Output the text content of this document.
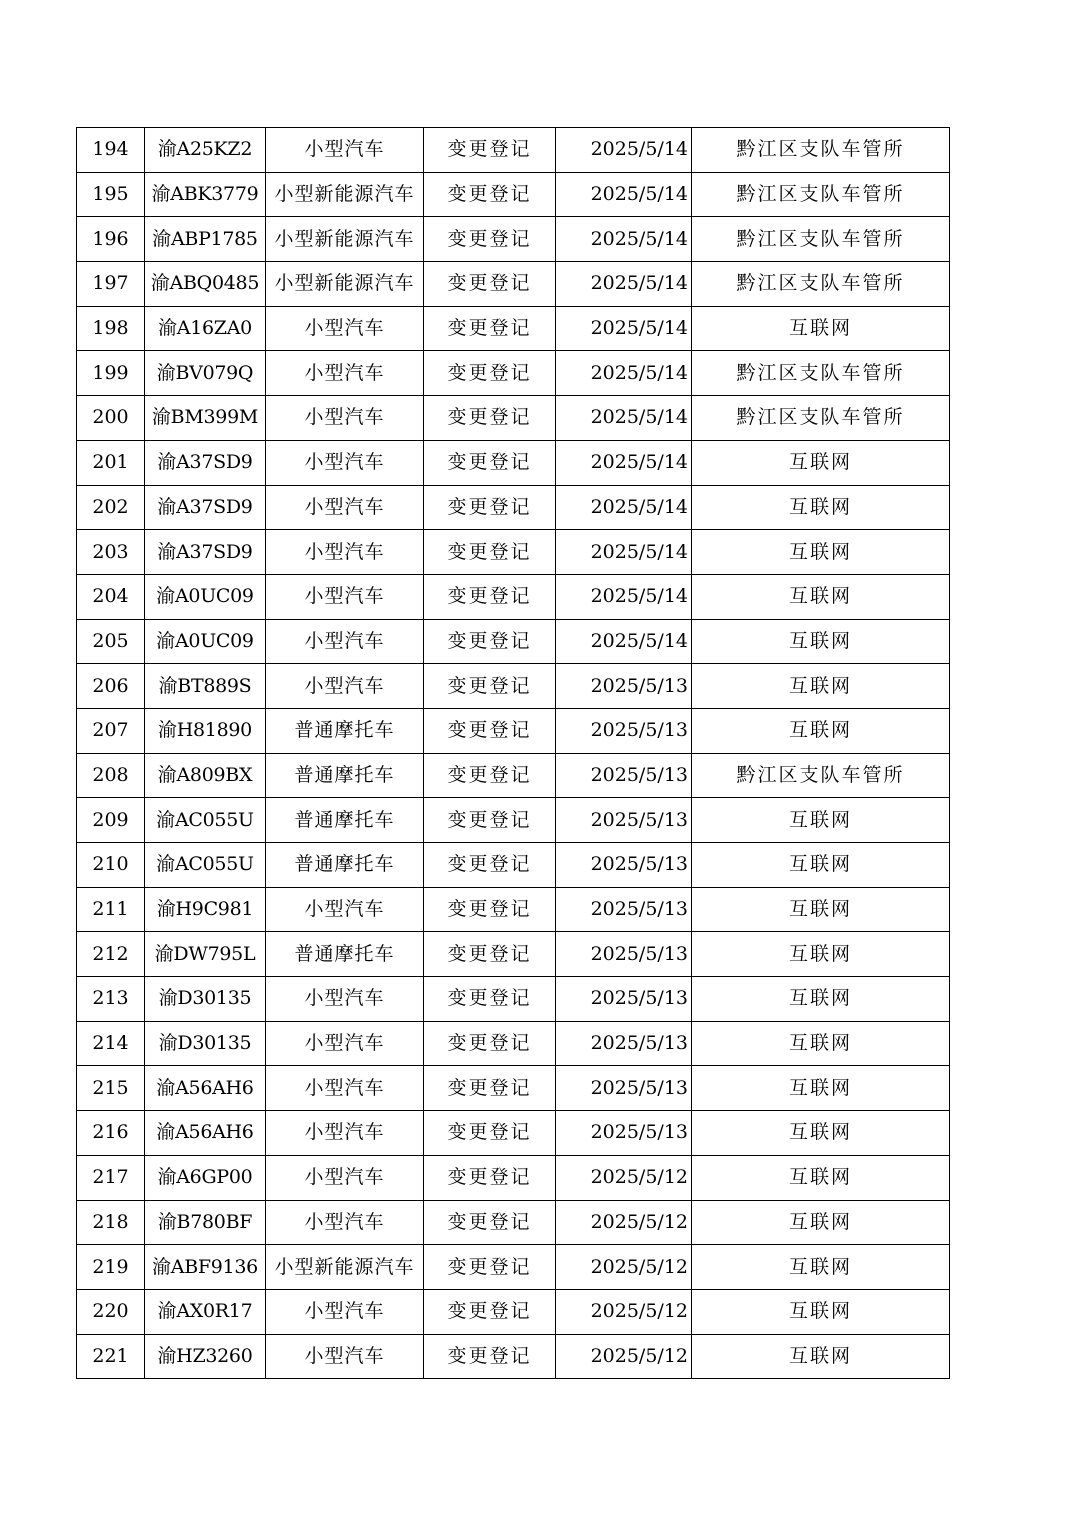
194	渝A25KZ2	小型汽车	变更登记	2025/5/14	黔江区支队车管所
195	渝ABK3779	小型新能源汽车	变更登记	2025/5/14	黔江区支队车管所
196	渝ABP1785	小型新能源汽车	变更登记	2025/5/14	黔江区支队车管所
197	渝ABQ0485	小型新能源汽车	变更登记	2025/5/14	黔江区支队车管所
198	渝A16ZA0	小型汽车	变更登记	2025/5/14	互联网
199	渝BV079Q	小型汽车	变更登记	2025/5/14	黔江区支队车管所
200	渝BM399M	小型汽车	变更登记	2025/5/14	黔江区支队车管所
201	渝A37SD9	小型汽车	变更登记	2025/5/14	互联网
202	渝A37SD9	小型汽车	变更登记	2025/5/14	互联网
203	渝A37SD9	小型汽车	变更登记	2025/5/14	互联网
204	渝A0UC09	小型汽车	变更登记	2025/5/14	互联网
205	渝A0UC09	小型汽车	变更登记	2025/5/14	互联网
206	渝BT889S	小型汽车	变更登记	2025/5/13	互联网
207	渝H81890	普通摩托车	变更登记	2025/5/13	互联网
208	渝A809BX	普通摩托车	变更登记	2025/5/13	黔江区支队车管所
209	渝AC055U	普通摩托车	变更登记	2025/5/13	互联网
210	渝AC055U	普通摩托车	变更登记	2025/5/13	互联网
211	渝H9C981	小型汽车	变更登记	2025/5/13	互联网
212	渝DW795L	普通摩托车	变更登记	2025/5/13	互联网
213	渝D30135	小型汽车	变更登记	2025/5/13	互联网
214	渝D30135	小型汽车	变更登记	2025/5/13	互联网
215	渝A56AH6	小型汽车	变更登记	2025/5/13	互联网
216	渝A56AH6	小型汽车	变更登记	2025/5/13	互联网
217	渝A6GP00	小型汽车	变更登记	2025/5/12	互联网
218	渝B780BF	小型汽车	变更登记	2025/5/12	互联网
219	渝ABF9136	小型新能源汽车	变更登记	2025/5/12	互联网
220	渝AX0R17	小型汽车	变更登记	2025/5/12	互联网
221	渝HZ3260	小型汽车	变更登记	2025/5/12	互联网
